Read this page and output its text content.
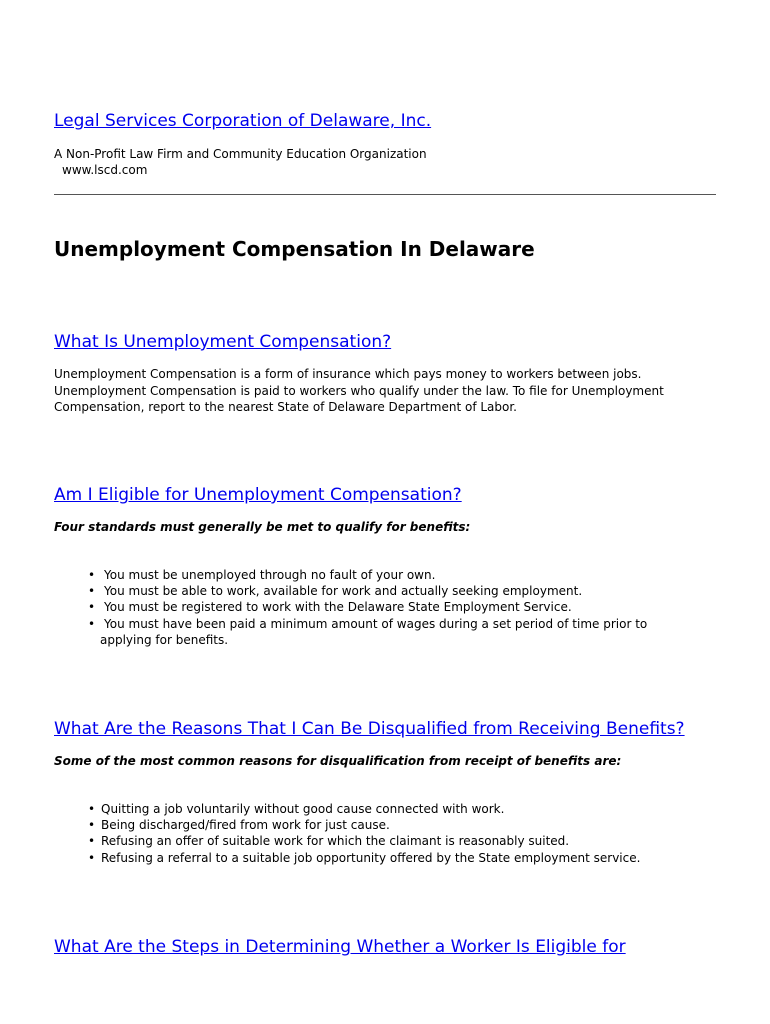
Legal Services Corporation of Delaware, Inc.
A Non-Profit Law Firm and Community Education Organization
www.lscd.com
Unemployment Compensation In Delaware
What Is Unemployment Compensation?
Unemployment Compensation is a form of insurance which pays money to workers between jobs.
Unemployment Compensation is paid to workers who qualify under the law. To file for Unemployment
Compensation, report to the nearest State of Delaware Department of Labor.
Am I Eligible for Unemployment Compensation?
Four standards must generally be met to qualify for benefits:
• You must be unemployed through no fault of your own.
• You must be able to work, available for work and actually seeking employment.
• You must be registered to work with the Delaware State Employment Service.
• You must have been paid a minimum amount of wages during a set period of time prior to
applying for benefits.
What Are the Reasons That I Can Be Disqualified from Receiving Benefits?
Some of the most common reasons for disqualification from receipt of benefits are:
• Quitting a job voluntarily without good cause connected with work.
• Being discharged/fired from work for just cause.
• Refusing an offer of suitable work for which the claimant is reasonably suited.
• Refusing a referral to a suitable job opportunity offered by the State employment service.
What Are the Steps in Determining Whether a Worker Is Eligible for
